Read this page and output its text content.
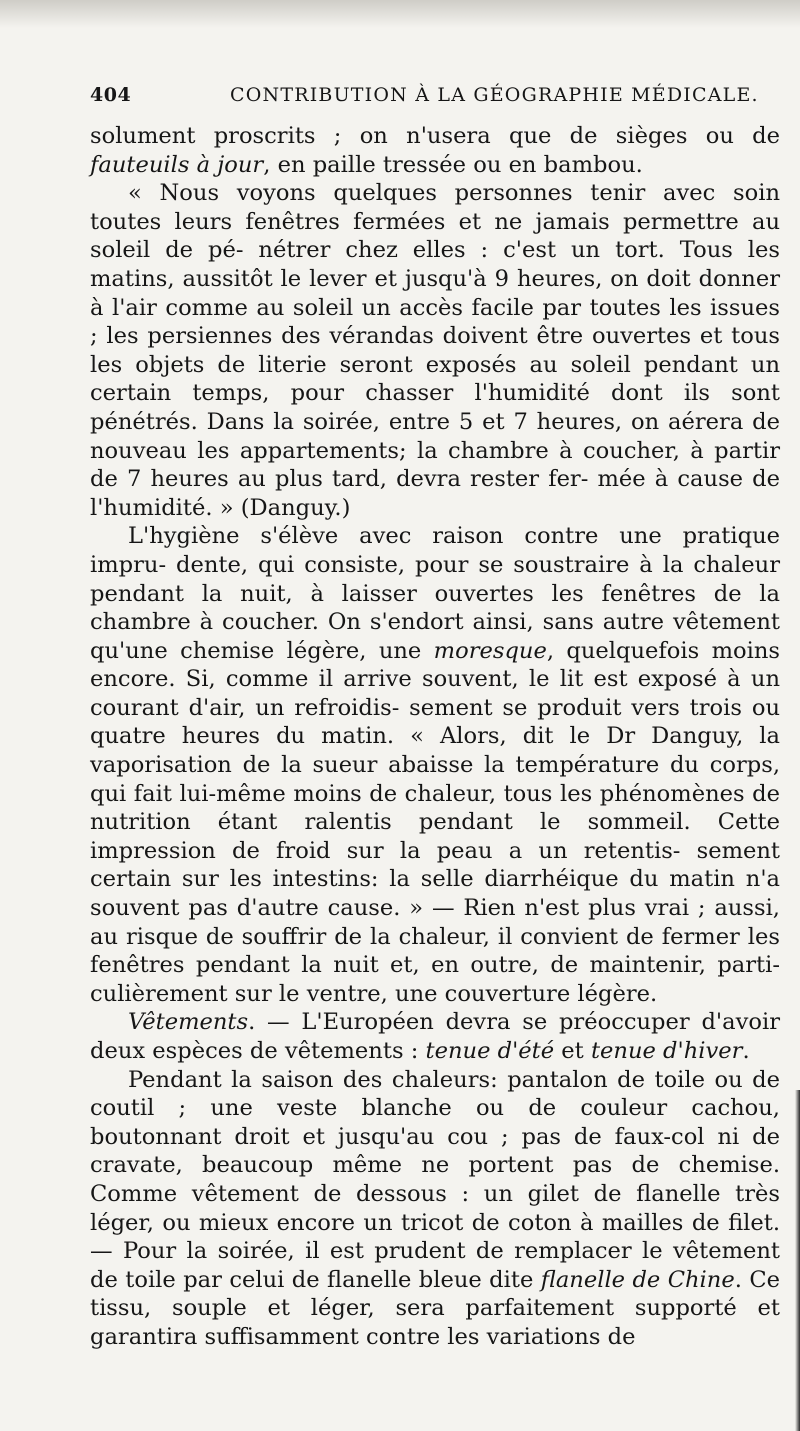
404	CONTRIBUTION À LA GÉOGRAPHIE MÉDICALE.

solument proscrits ; on n'usera que de sièges ou de fauteuils à jour, en paille tressée ou en bambou.

« Nous voyons quelques personnes tenir avec soin toutes leurs fenêtres fermées et ne jamais permettre au soleil de pé- nétrer chez elles : c'est un tort. Tous les matins, aussitôt le lever et jusqu'à 9 heures, on doit donner à l'air comme au soleil un accès facile par toutes les issues ; les persiennes des vérandas doivent être ouvertes et tous les objets de literie seront exposés au soleil pendant un certain temps, pour chasser l'humidité dont ils sont pénétrés. Dans la soirée, entre 5 et 7 heures, on aérera de nouveau les appartements; la chambre à coucher, à partir de 7 heures au plus tard, devra rester fer- mée à cause de l'humidité. » (Danguy.)

L'hygiène s'élève avec raison contre une pratique impru- dente, qui consiste, pour se soustraire à la chaleur pendant la nuit, à laisser ouvertes les fenêtres de la chambre à coucher. On s'endort ainsi, sans autre vêtement qu'une chemise légère, une moresque, quelquefois moins encore. Si, comme il arrive souvent, le lit est exposé à un courant d'air, un refroidis- sement se produit vers trois ou quatre heures du matin. « Alors, dit le Dr Danguy, la vaporisation de la sueur abaisse la température du corps, qui fait lui-même moins de chaleur, tous les phénomènes de nutrition étant ralentis pendant le sommeil. Cette impression de froid sur la peau a un retentis- sement certain sur les intestins: la selle diarrhéique du matin n'a souvent pas d'autre cause. » — Rien n'est plus vrai ; aussi, au risque de souffrir de la chaleur, il convient de fermer les fenêtres pendant la nuit et, en outre, de maintenir, parti- culièrement sur le ventre, une couverture légère.

Vêtements. — L'Européen devra se préoccuper d'avoir deux espèces de vêtements : tenue d'été et tenue d'hiver.

Pendant la saison des chaleurs: pantalon de toile ou de coutil ; une veste blanche ou de couleur cachou, boutonnant droit et jusqu'au cou ; pas de faux-col ni de cravate, beaucoup même ne portent pas de chemise. Comme vêtement de dessous : un gilet de flanelle très léger, ou mieux encore un tricot de coton à mailles de filet. — Pour la soirée, il est prudent de remplacer le vêtement de toile par celui de flanelle bleue dite flanelle de Chine. Ce tissu, souple et léger, sera parfaitement supporté et garantira suffisamment contre les variations de
